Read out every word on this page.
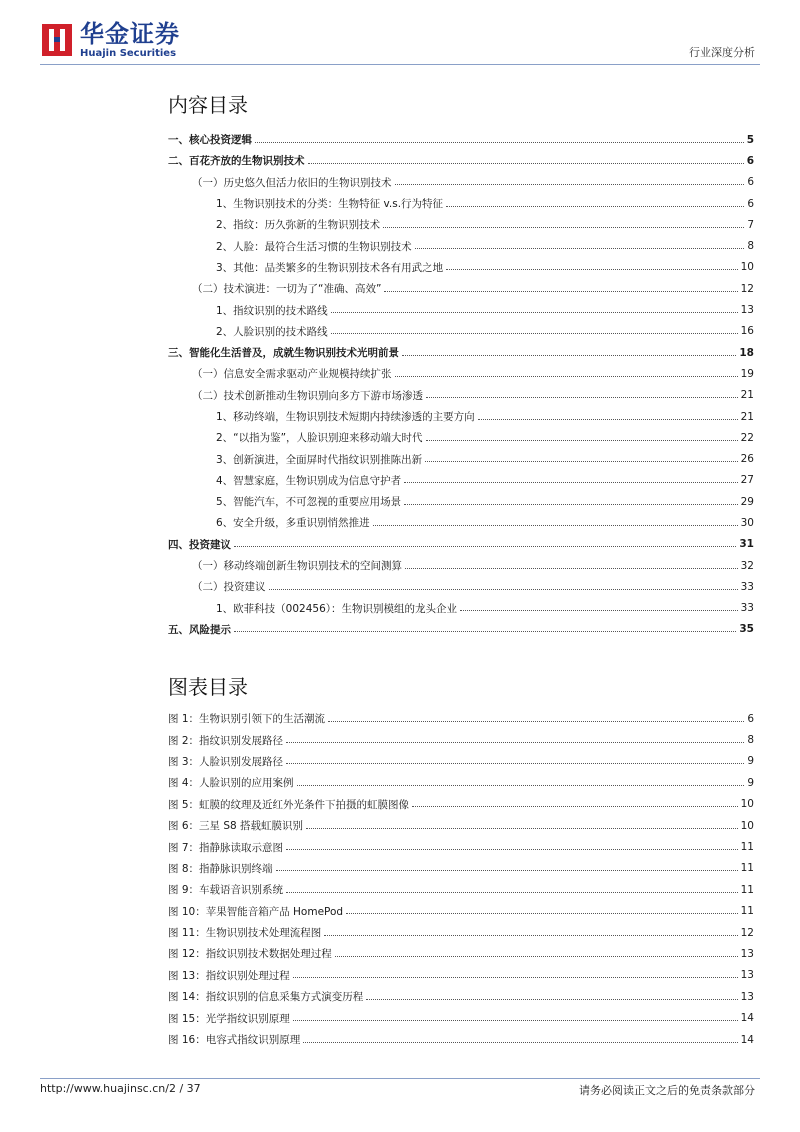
华金证券
Huajin Securities	行业深度分析
内容目录
一、核心投资逻辑	5
二、百花齐放的生物识别技术	6
（一）历史悠久但活力依旧的生物识别技术	6
1、生物识别技术的分类：生物特征 v.s.行为特征	6
2、指纹：历久弥新的生物识别技术	7
2、人脸：最符合生活习惯的生物识别技术	8
3、其他：品类繁多的生物识别技术各有用武之地	10
（二）技术演进：一切为了“准确、高效”	12
1、指纹识别的技术路线	13
2、人脸识别的技术路线	16
三、智能化生活普及，成就生物识别技术光明前景	18
（一）信息安全需求驱动产业规模持续扩张	19
（二）技术创新推动生物识别向多方下游市场渗透	21
1、移动终端，生物识别技术短期内持续渗透的主要方向	21
2、“以指为鉴”，人脸识别迎来移动端大时代	22
3、创新演进，全面屏时代指纹识别推陈出新	26
4、智慧家庭，生物识别成为信息守护者	27
5、智能汽车，不可忽视的重要应用场景	29
6、安全升级，多重识别悄然推进	30
四、投资建议	31
（一）移动终端创新生物识别技术的空间测算	32
（二）投资建议	33
1、欧菲科技（002456）：生物识别模组的龙头企业	33
五、风险提示	35
图表目录
图 1：生物识别引领下的生活潮流	6
图 2：指纹识别发展路径	8
图 3：人脸识别发展路径	9
图 4：人脸识别的应用案例	9
图 5：虹膜的纹理及近红外光条件下拍摄的虹膜图像	10
图 6：三星 S8 搭载虹膜识别	10
图 7：指静脉读取示意图	11
图 8：指静脉识别终端	11
图 9：车载语音识别系统	11
图 10：苹果智能音箱产品 HomePod	11
图 11：生物识别技术处理流程图	12
图 12：指纹识别技术数据处理过程	13
图 13：指纹识别处理过程	13
图 14：指纹识别的信息采集方式演变历程	13
图 15：光学指纹识别原理	14
图 16：电容式指纹识别原理	14
http://www.huajinsc.cn/2 / 37	请务必阅读正文之后的免责条款部分
